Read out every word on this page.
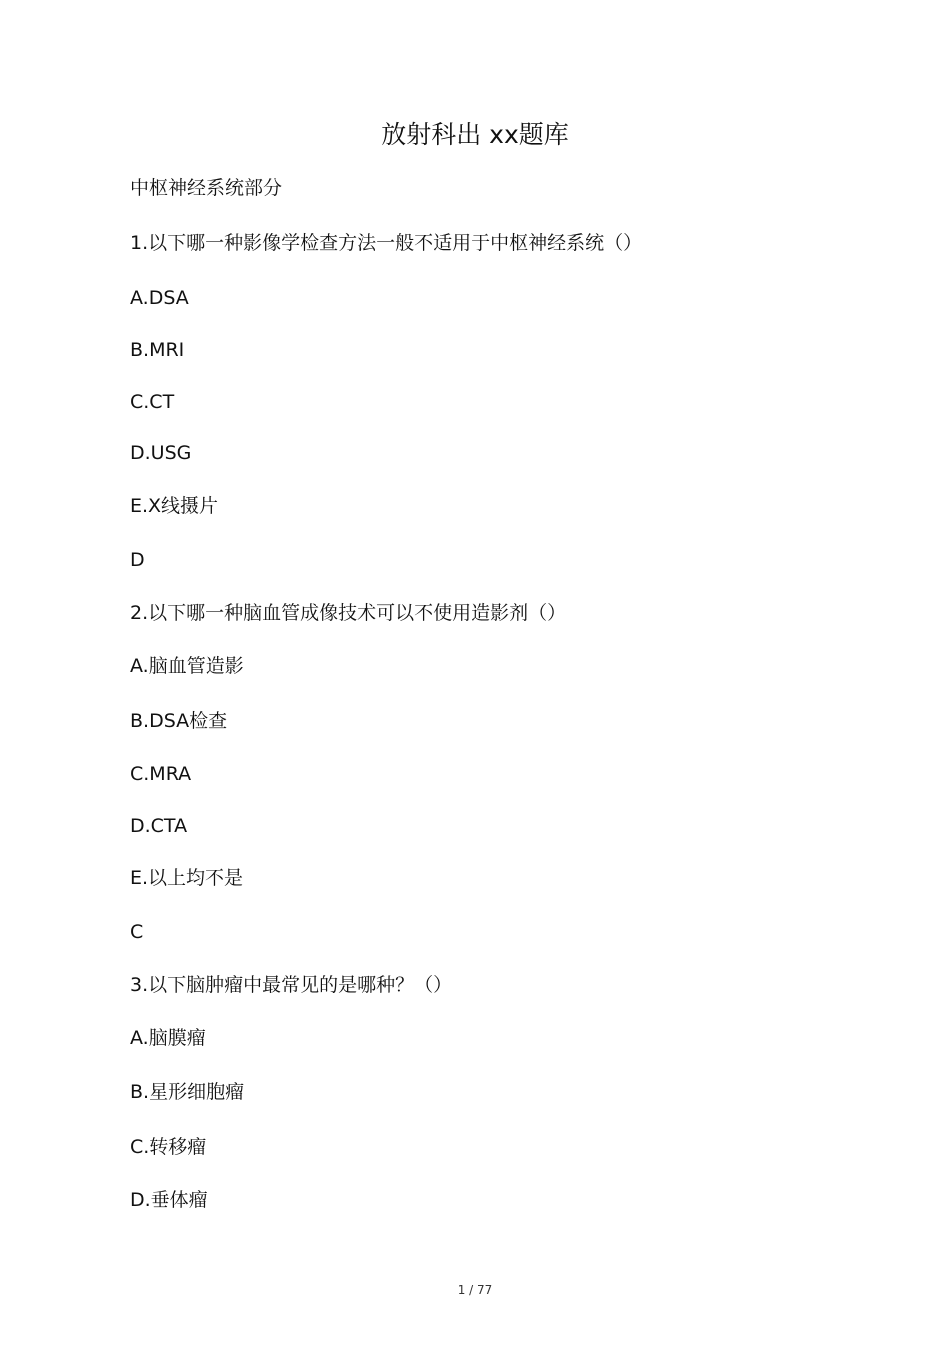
放射科出 xx题库
中枢神经系统部分
1.以下哪一种影像学检查方法一般不适用于中枢神经系统（）
A.DSA
B.MRI
C.CT
D.USG
E.X线摄片
D
2.以下哪一种脑血管成像技术可以不使用造影剂（）
A.脑血管造影
B.DSA检查
C.MRA
D.CTA
E.以上均不是
C
3.以下脑肿瘤中最常见的是哪种？（）
A.脑膜瘤
B.星形细胞瘤
C.转移瘤
D.垂体瘤
1 / 77
